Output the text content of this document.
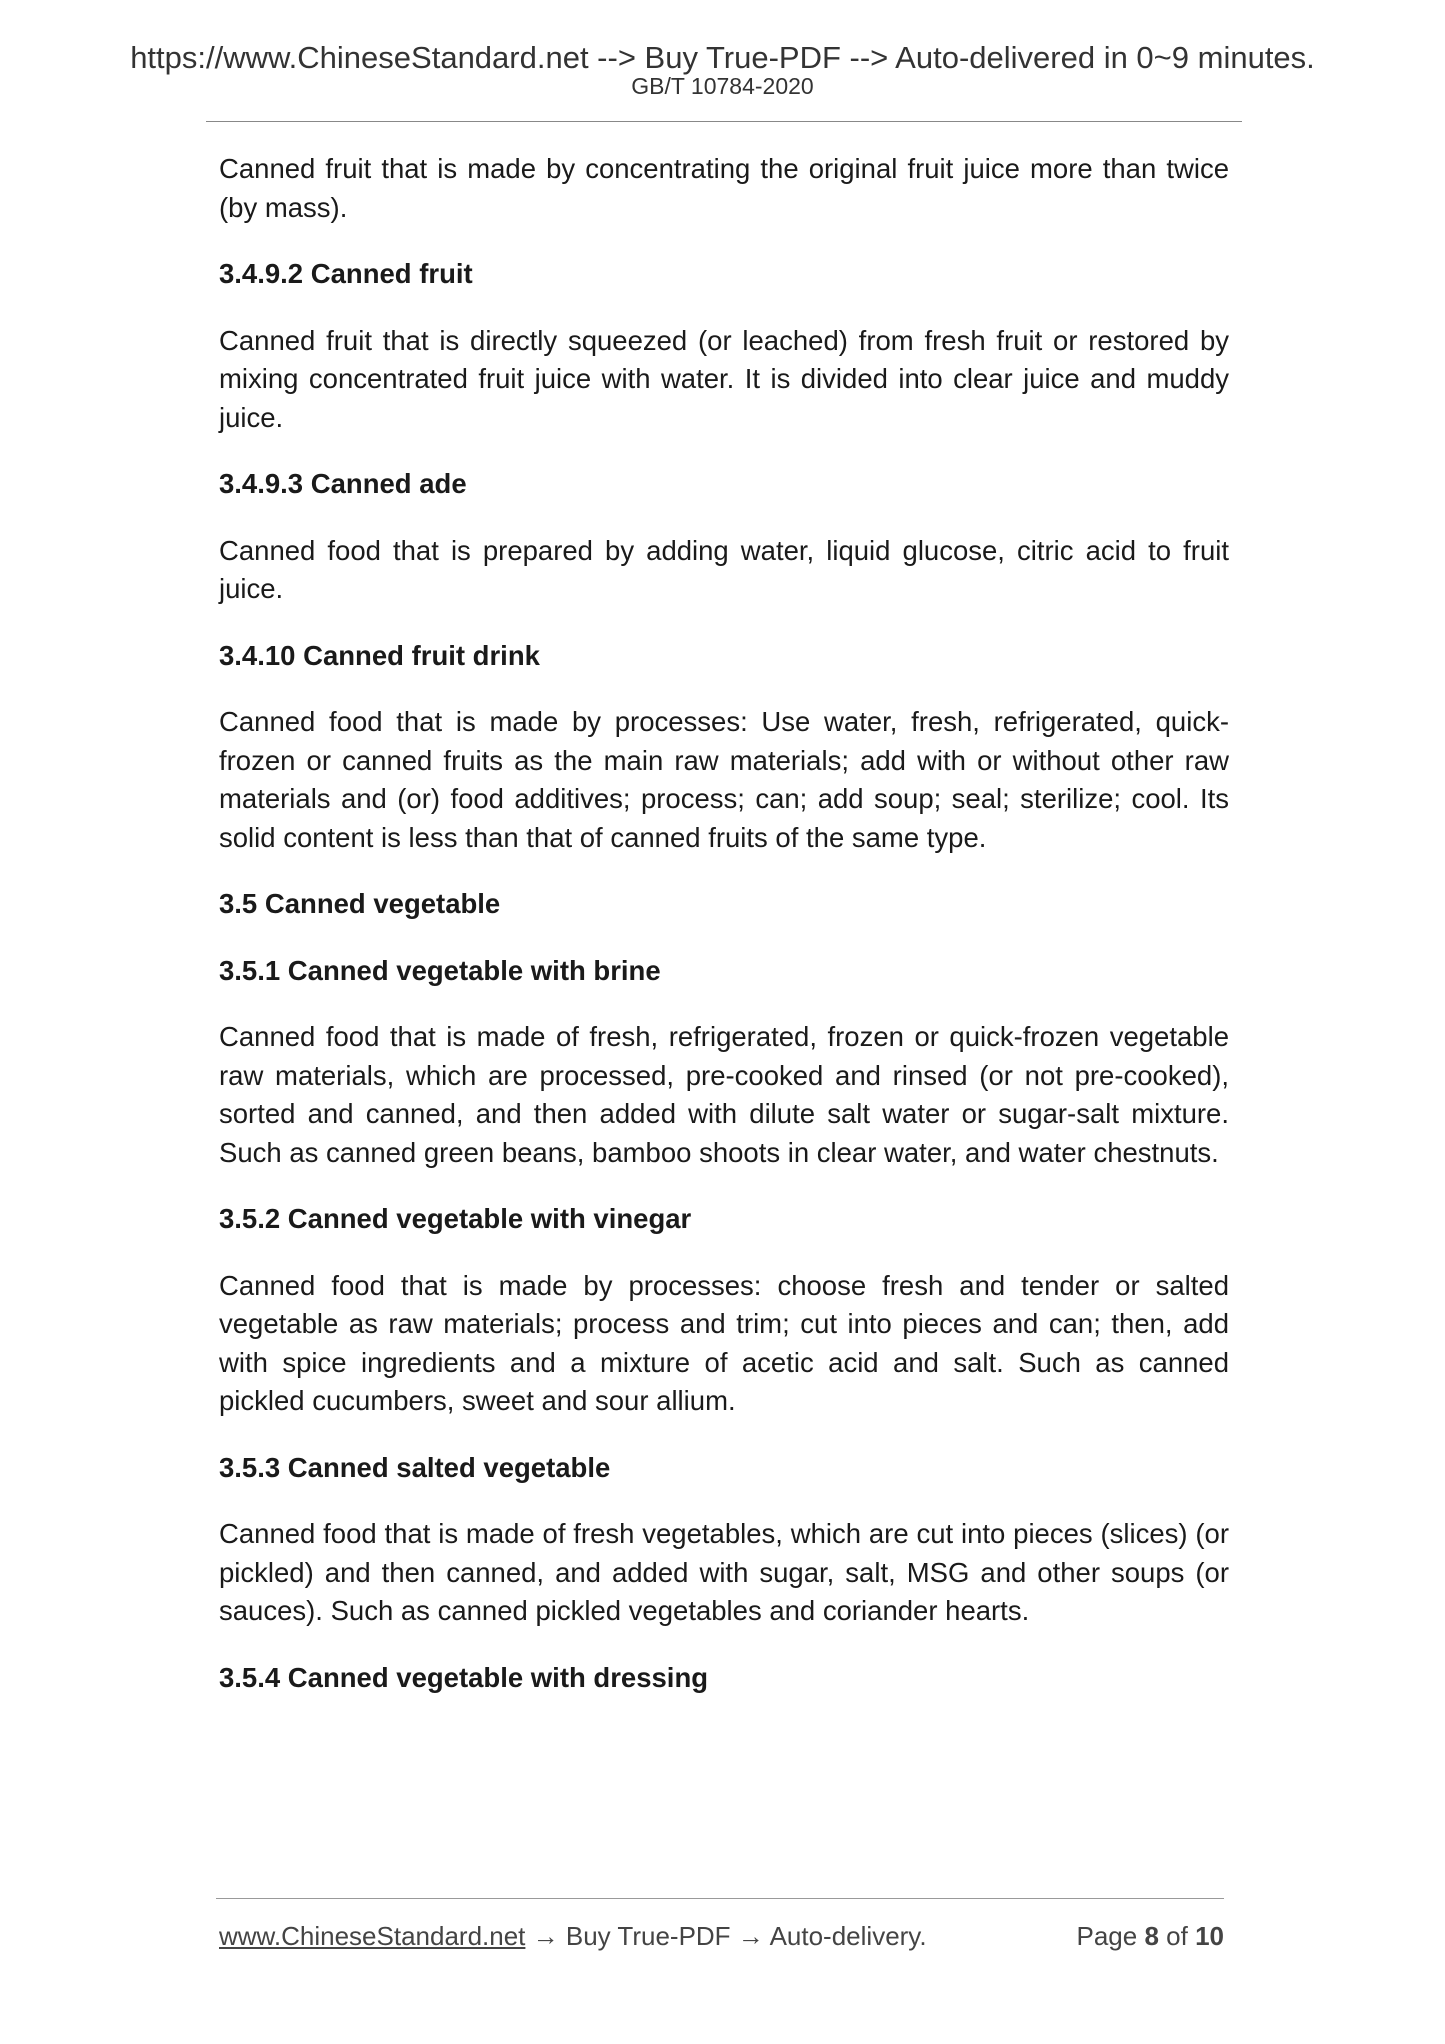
https://www.ChineseStandard.net --> Buy True-PDF --> Auto-delivered in 0~9 minutes.
GB/T 10784-2020

Canned fruit that is made by concentrating the original fruit juice more than twice (by mass).

3.4.9.2 Canned fruit

Canned fruit that is directly squeezed (or leached) from fresh fruit or restored by mixing concentrated fruit juice with water. It is divided into clear juice and muddy juice.

3.4.9.3 Canned ade

Canned food that is prepared by adding water, liquid glucose, citric acid to fruit juice.

3.4.10 Canned fruit drink

Canned food that is made by processes: Use water, fresh, refrigerated, quick-frozen or canned fruits as the main raw materials; add with or without other raw materials and (or) food additives; process; can; add soup; seal; sterilize; cool. Its solid content is less than that of canned fruits of the same type.

3.5 Canned vegetable

3.5.1 Canned vegetable with brine

Canned food that is made of fresh, refrigerated, frozen or quick-frozen vegetable raw materials, which are processed, pre-cooked and rinsed (or not pre-cooked), sorted and canned, and then added with dilute salt water or sugar-salt mixture. Such as canned green beans, bamboo shoots in clear water, and water chestnuts.

3.5.2 Canned vegetable with vinegar

Canned food that is made by processes: choose fresh and tender or salted vegetable as raw materials; process and trim; cut into pieces and can; then, add with spice ingredients and a mixture of acetic acid and salt. Such as canned pickled cucumbers, sweet and sour allium.

3.5.3 Canned salted vegetable

Canned food that is made of fresh vegetables, which are cut into pieces (slices) (or pickled) and then canned, and added with sugar, salt, MSG and other soups (or sauces). Such as canned pickled vegetables and coriander hearts.

3.5.4 Canned vegetable with dressing

www.ChineseStandard.net → Buy True-PDF → Auto-delivery.	Page 8 of 10
